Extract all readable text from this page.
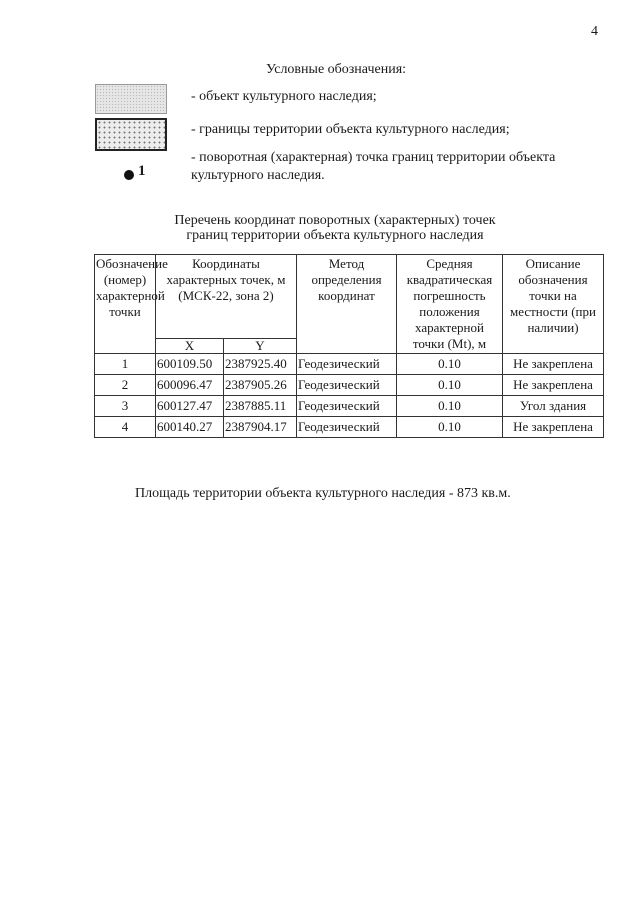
4
Условные обозначения:
1
- объект культурного наследия;
- границы территории объекта культурного наследия;
- поворотная (характерная) точка границ территории объекта культурного наследия.
Перечень координат поворотных (характерных) точек
границ территории объекта культурного наследия
Обозначение (номер) характерной точки	Координаты характерных точек, м (МСК-22, зона 2)		Метод определения координат	Средняя квадратическая погрешность положения характерной точки (Mt), м	Описание обозначения точки на местности (при наличии)
	X	Y			
1	600109.50	2387925.40	Геодезический	0.10	Не закреплена
2	600096.47	2387905.26	Геодезический	0.10	Не закреплена
3	600127.47	2387885.11	Геодезический	0.10	Угол здания
4	600140.27	2387904.17	Геодезический	0.10	Не закреплена
Площадь территории объекта культурного наследия - 873 кв.м.
